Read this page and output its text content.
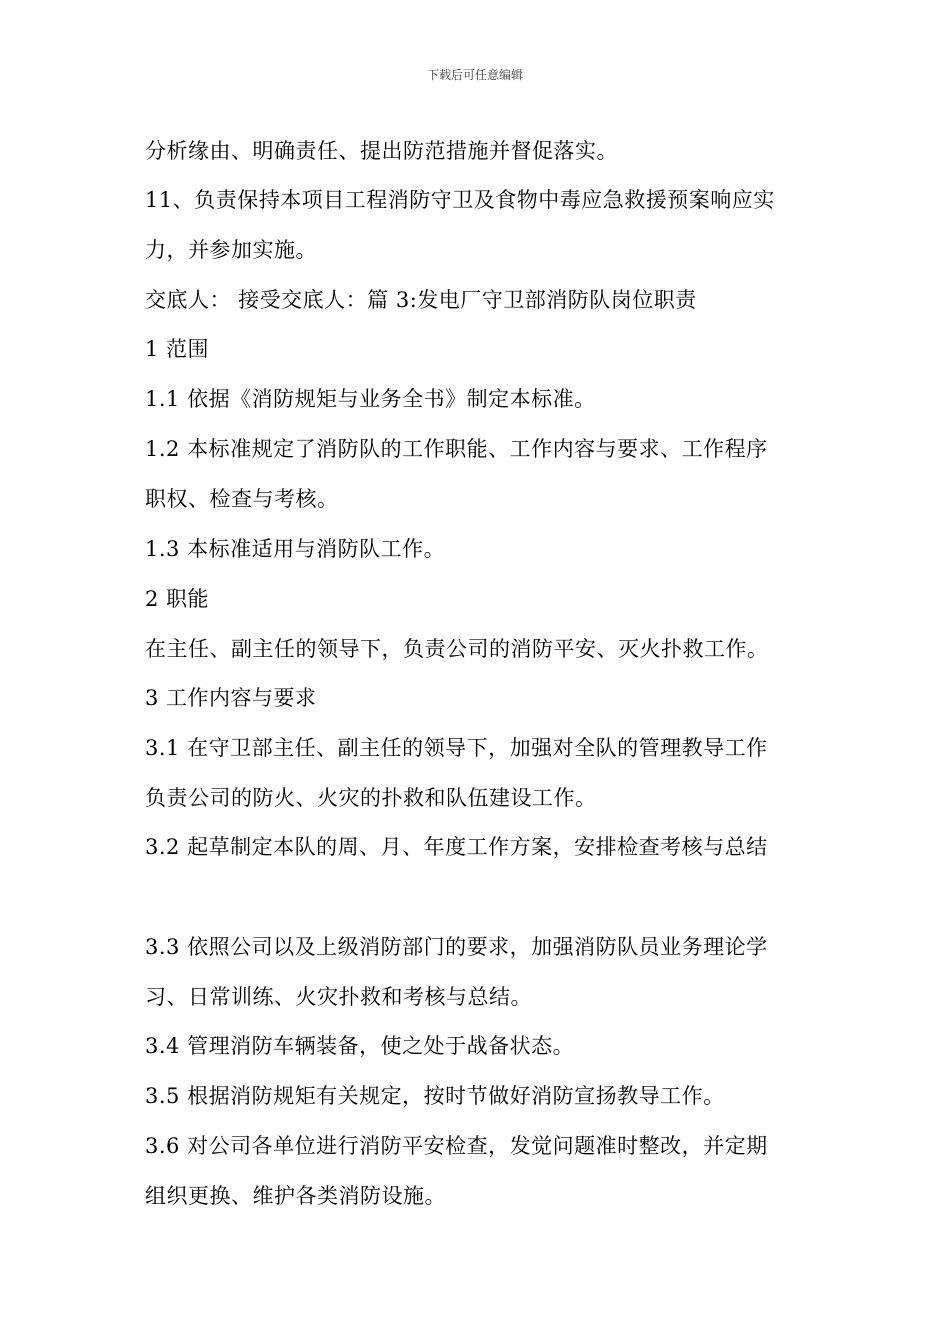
下载后可任意编辑
分析缘由、明确责任、提出防范措施并督促落实。
11、负责保持本项目工程消防守卫及食物中毒应急救援预案响应实
力，并参加实施。
交底人： 接受交底人：篇 3:发电厂守卫部消防队岗位职责
1 范围
1.1 依据《消防规矩与业务全书》制定本标准。
1.2 本标准规定了消防队的工作职能、工作内容与要求、工作程序
职权、检查与考核。
1.3 本标准适用与消防队工作。
2 职能
在主任、副主任的领导下，负责公司的消防平安、灭火扑救工作。
3 工作内容与要求
3.1 在守卫部主任、副主任的领导下，加强对全队的管理教导工作
负责公司的防火、火灾的扑救和队伍建设工作。
3.2 起草制定本队的周、月、年度工作方案，安排检查考核与总结
3.3 依照公司以及上级消防部门的要求，加强消防队员业务理论学
习、日常训练、火灾扑救和考核与总结。
3.4 管理消防车辆装备，使之处于战备状态。
3.5 根据消防规矩有关规定，按时节做好消防宣扬教导工作。
3.6 对公司各单位进行消防平安检查，发觉问题准时整改，并定期
组织更换、维护各类消防设施。
